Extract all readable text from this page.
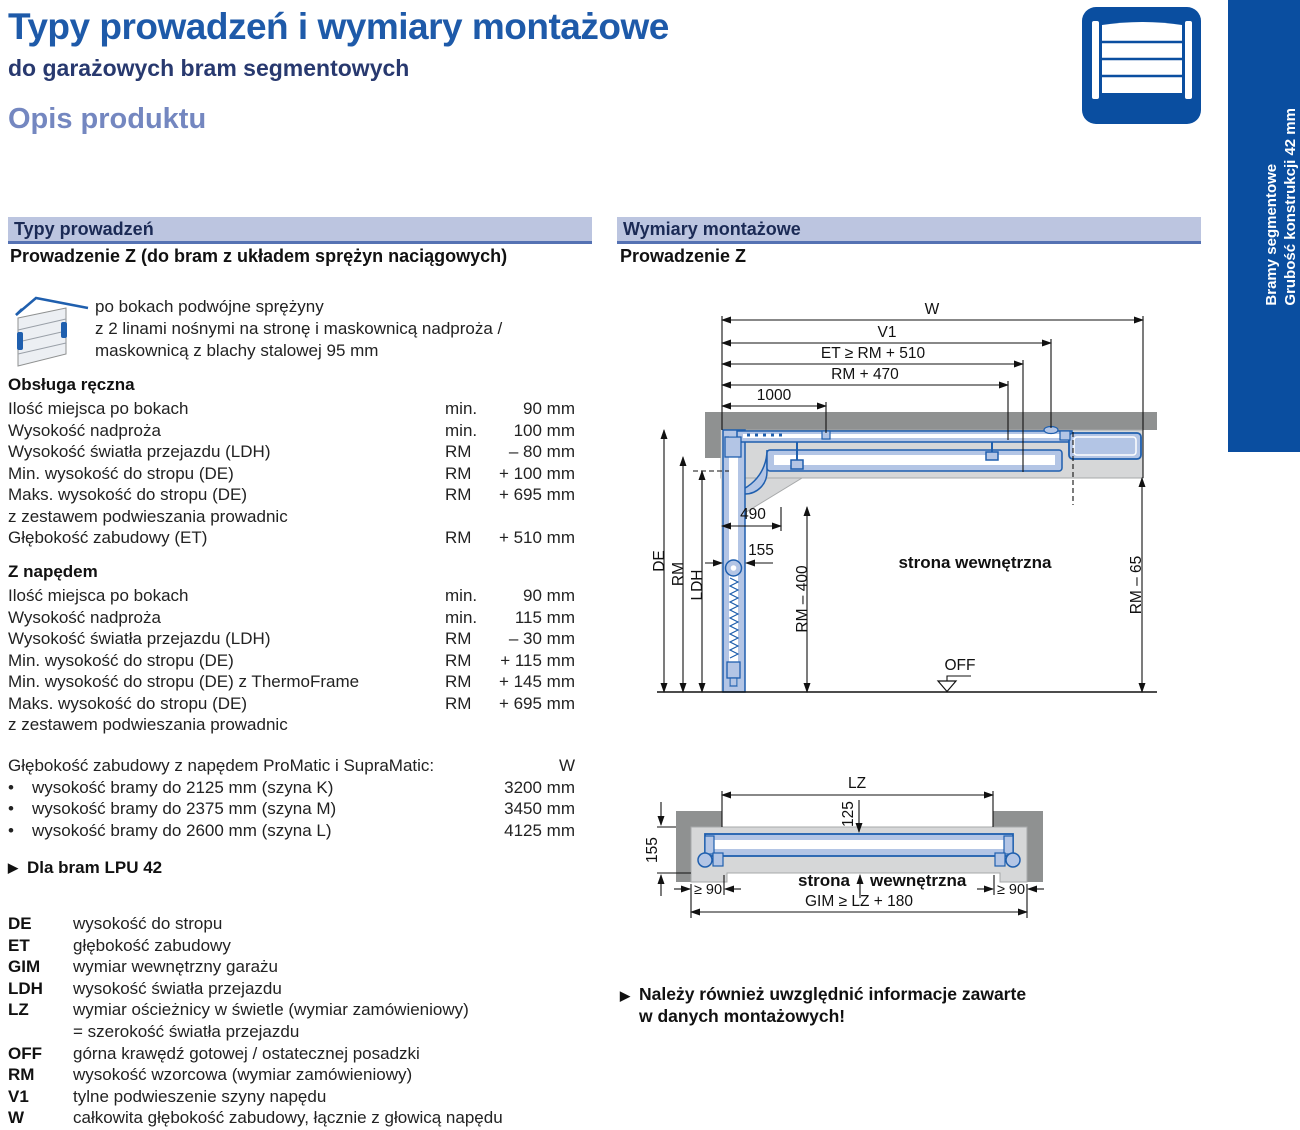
Typy prowadzeń i wymiary montażowe
do garażowych bram segmentowych
Opis produktu
Bramy segmentowe Grubość konstrukcji 42 mm
Typy prowadzeń	Wymiary montażowe
Prowadzenie Z (do bram z układem sprężyn naciągowych)	Prowadzenie Z
po bokach podwójne sprężyny
z 2 linami nośnymi na stronę i maskownicą nadproża /
maskownicą z blachy stalowej 95 mm
Obsługa ręczna
Ilość miejsca po bokach	min.	90 mm
Wysokość nadproża	min.	100 mm
Wysokość światła przejazdu (LDH)	RM	– 80 mm
Min. wysokość do stropu (DE)	RM	+ 100 mm
Maks. wysokość do stropu (DE)	RM	+ 695 mm
z zestawem podwieszania prowadnic
Głębokość zabudowy (ET)	RM	+ 510 mm
Z napędem
Ilość miejsca po bokach	min.	90 mm
Wysokość nadproża	min.	115 mm
Wysokość światła przejazdu (LDH)	RM	– 30 mm
Min. wysokość do stropu (DE)	RM	+ 115 mm
Min. wysokość do stropu (DE) z ThermoFrame	RM	+ 145 mm
Maks. wysokość do stropu (DE)	RM	+ 695 mm
z zestawem podwieszania prowadnic
Głębokość zabudowy z napędem ProMatic i SupraMatic:	W
•	wysokość bramy do 2125 mm (szyna K)	3200 mm
•	wysokość bramy do 2375 mm (szyna M)	3450 mm
•	wysokość bramy do 2600 mm (szyna L)	4125 mm
▶ Dla bram LPU 42
DE	wysokość do stropu
ET	głębokość zabudowy
GIM	wymiar wewnętrzny garażu
LDH	wysokość światła przejazdu
LZ	wymiar ościeżnicy w świetle (wymiar zamówieniowy)
= szerokość światła przejazdu
OFF	górna krawędź gotowej / ostatecznej posadzki
RM	wysokość wzorcowa (wymiar zamówieniowy)
V1	tylne podwieszenie szyny napędu
W	całkowita głębokość zabudowy, łącznie z głowicą napędu
W
V1
ET ≥ RM + 510
RM + 470
1000
DE
RM LDH
490
155
RM – 400
strona wewnętrzna	RM – 65
OFF
LZ
125
155
≥ 90	≥ 90
strona wewnętrzna
GIM ≥ LZ + 180
▶ Należy również uwzględnić informacje zawarte
w danych montażowych!
